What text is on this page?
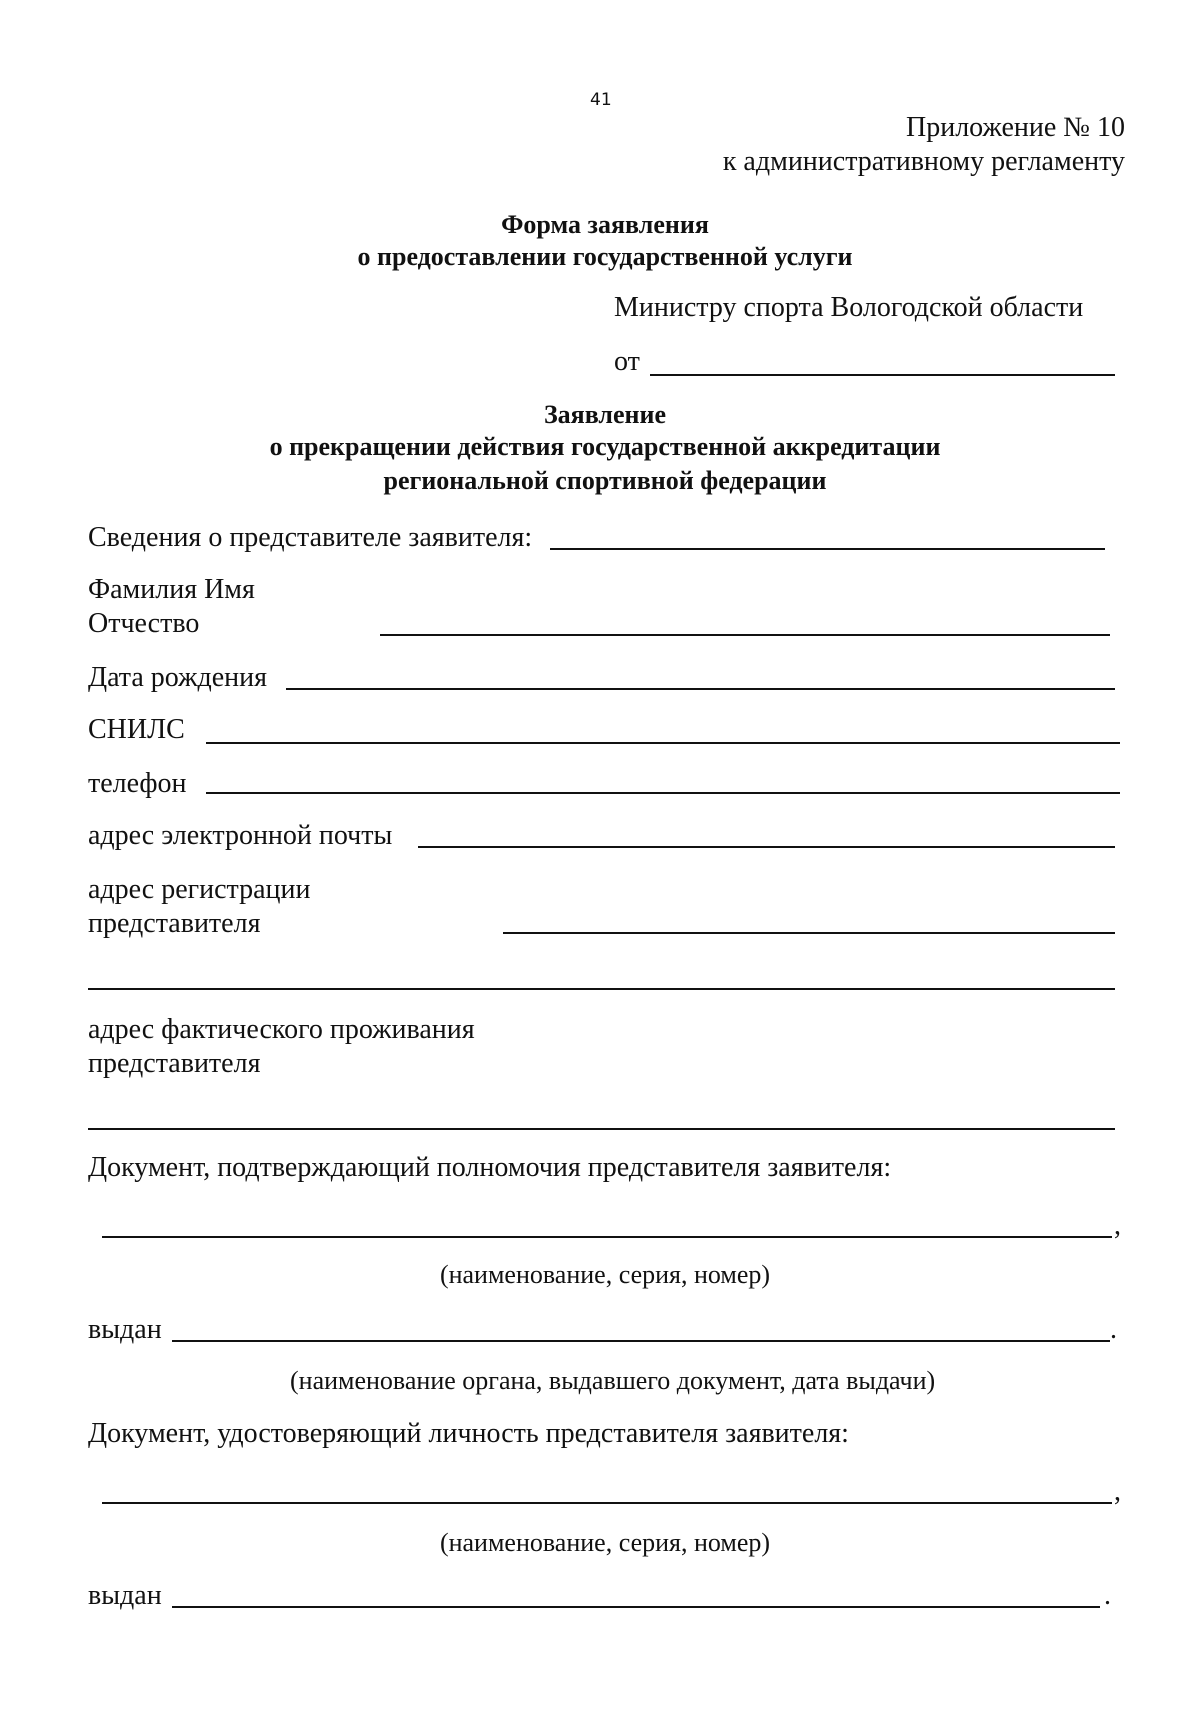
41
Приложение № 10
к административному регламенту
Форма заявления
о предоставлении государственной услуги
Министру спорта Вологодской области
от
Заявление
о прекращении действия государственной аккредитации
региональной спортивной федерации
Сведения о представителе заявителя:
Фамилия Имя
Отчество
Дата рождения
СНИЛС
телефон
адрес электронной почты
адрес регистрации
представителя
адрес фактического проживания
представителя
Документ, подтверждающий полномочия представителя заявителя:
,
(наименование, серия, номер)
выдан	.
(наименование органа, выдавшего документ, дата выдачи)
Документ, удостоверяющий личность представителя заявителя:
,
(наименование, серия, номер)
выдан	.
